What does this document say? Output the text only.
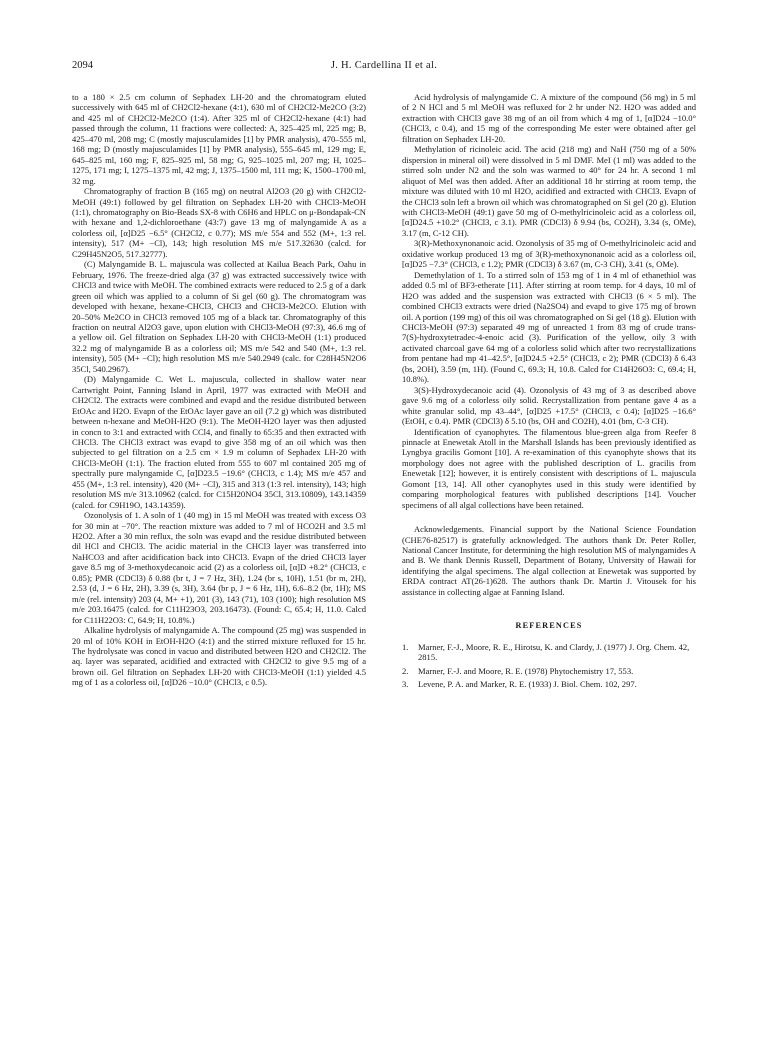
2094	J. H. Cardellina II et al.

to a 180 × 2.5 cm column of Sephadex LH-20 and the chromatogram eluted successively with 645 ml of CH2Cl2-hexane (4:1), 630 ml of CH2Cl2-Me2CO (3:2) and 425 ml of CH2Cl2-Me2CO (1:4). After 325 ml of CH2Cl2-hexane (4:1) had passed through the column, 11 fractions were collected: A, 325–425 ml, 225 mg; B, 425–470 ml, 208 mg; C (mostly majusculamides [1] by PMR analysis), 470–555 ml, 168 mg; D (mostly majusculamides [1] by PMR analysis), 555–645 ml, 129 mg; E, 645–825 ml, 160 mg; F, 825–925 ml, 58 mg; G, 925–1025 ml, 207 mg; H, 1025–1275, 171 mg; I, 1275–1375 ml, 42 mg; J, 1375–1500 ml, 111 mg; K, 1500–1700 ml, 32 mg.

Chromatography of fraction B (165 mg) on neutral Al2O3 (20 g) with CH2Cl2-MeOH (49:1) followed by gel filtration on Sephadex LH-20 with CHCl3-MeOH (1:1), chromatography on Bio-Beads SX-8 with C6H6 and HPLC on μ-Bondapak-CN with hexane and 1,2-dichloroethane (43:7) gave 13 mg of malyngamide A as a colorless oil, [α]D25 −6.5° (CH2Cl2, c 0.77); MS m/e 554 and 552 (M+, 1:3 rel. intensity), 517 (M+ −Cl), 143; high resolution MS m/e 517.32630 (calcd. for C29H45N2O5, 517.32777).

(C) Malyngamide B. L. majuscula was collected at Kailua Beach Park, Oahu in February, 1976. The freeze-dried alga (37 g) was extracted successively twice with CHCl3 and twice with MeOH. The combined extracts were reduced to 2.5 g of a dark green oil which was applied to a column of Si gel (60 g). The chromatogram was developed with hexane, hexane-CHCl3, CHCl3 and CHCl3-Me2CO. Elution with 20–50% Me2CO in CHCl3 removed 105 mg of a black tar. Chromatography of this fraction on neutral Al2O3 gave, upon elution with CHCl3-MeOH (97:3), 46.6 mg of a yellow oil. Gel filtration on Sephadex LH-20 with CHCl3-MeOH (1:1) produced 32.2 mg of malyngamide B as a colorless oil; MS m/e 542 and 540 (M+, 1:3 rel. intensity), 505 (M+ −Cl); high resolution MS m/e 540.2949 (calc. for C28H45N2O6 35Cl, 540.2967).

(D) Malyngamide C. Wet L. majuscula, collected in shallow water near Cartwright Point, Fanning Island in April, 1977 was extracted with MeOH and CH2Cl2. The extracts were combined and evapd and the residue distributed between EtOAc and H2O. Evapn of the EtOAc layer gave an oil (7.2 g) which was distributed between n-hexane and MeOH-H2O (9:1). The MeOH-H2O layer was then adjusted in concn to 3:1 and extracted with CCl4, and finally to 65:35 and then extracted with CHCl3. The CHCl3 extract was evapd to give 358 mg of an oil which was then subjected to gel filtration on a 2.5 cm × 1.9 m column of Sephadex LH-20 with CHCl3-MeOH (1:1). The fraction eluted from 555 to 607 ml contained 205 mg of spectrally pure malyngamide C, [α]D23.5 −19.6° (CHCl3, c 1.4); MS m/e 457 and 455 (M+, 1:3 rel. intensity), 420 (M+ −Cl), 315 and 313 (1:3 rel. intensity), 143; high resolution MS m/e 313.10962 (calcd. for C15H20NO4 35Cl, 313.10809), 143.14359 (calcd. for C9H19O, 143.14359).

Ozonolysis of 1. A soln of 1 (40 mg) in 15 ml MeOH was treated with excess O3 for 30 min at −70°. The reaction mixture was added to 7 ml of HCO2H and 3.5 ml H2O2. After a 30 min reflux, the soln was evapd and the residue distributed between dil HCl and CHCl3. The acidic material in the CHCl3 layer was transferred into NaHCO3 and after acidification back into CHCl3. Evapn of the dried CHCl3 layer gave 8.5 mg of 3-methoxydecanoic acid (2) as a colorless oil, [α]D +8.2° (CHCl3, c 0.85); PMR (CDCl3) δ 0.88 (br t, J = 7 Hz, 3H), 1.24 (br s, 10H), 1.51 (br m, 2H), 2.53 (d, J = 6 Hz, 2H), 3.39 (s, 3H), 3.64 (br p, J = 6 Hz, 1H), 6.6–8.2 (br, 1H); MS m/e (rel. intensity) 203 (4, M+ +1), 201 (3), 143 (71), 103 (100); high resolution MS m/e 203.16475 (calcd. for C11H23O3, 203.16473). (Found: C, 65.4; H, 11.0. Calcd for C11H22O3: C, 64.9; H, 10.8%.)

Alkaline hydrolysis of malyngamide A. The compound (25 mg) was suspended in 20 ml of 10% KOH in EtOH-H2O (4:1) and the stirred mixture refluxed for 15 hr. The hydrolysate was concd in vacuo and distributed between H2O and CH2Cl2. The aq. layer was separated, acidified and extracted with CH2Cl2 to give 9.5 mg of a brown oil. Gel filtration on Sephadex LH-20 with CHCl3-MeOH (1:1) yielded 4.5 mg of 1 as a colorless oil, [α]D26 −10.0° (CHCl3, c 0.5).

Acid hydrolysis of malyngamide C. A mixture of the compound (56 mg) in 5 ml of 2 N HCl and 5 ml MeOH was refluxed for 2 hr under N2. H2O was added and extraction with CHCl3 gave 38 mg of an oil from which 4 mg of 1, [α]D24 −10.0° (CHCl3, c 0.4), and 15 mg of the corresponding Me ester were obtained after gel filtration on Sephadex LH-20.

Methylation of ricinoleic acid. The acid (218 mg) and NaH (750 mg of a 50% dispersion in mineral oil) were dissolved in 5 ml DMF. MeI (1 ml) was added to the stirred soln under N2 and the soln was warmed to 40° for 24 hr. A second 1 ml aliquot of MeI was then added. After an additional 18 hr stirring at room temp, the mixture was diluted with 10 ml H2O, acidified and extracted with CHCl3. Evapn of the CHCl3 soln left a brown oil which was chromatographed on Si gel (20 g). Elution with CHCl3-MeOH (49:1) gave 50 mg of O-methylricinoleic acid as a colorless oil, [α]D24.5 +10.2° (CHCl3, c 3.1). PMR (CDCl3) δ 9.94 (bs, CO2H), 3.34 (s, OMe), 3.17 (m, C-12 CH).

3(R)-Methoxynonanoic acid. Ozonolysis of 35 mg of O-methylricinoleic acid and oxidative workup produced 13 mg of 3(R)-methoxynonanoic acid as a colorless oil, [α]D25 −7.3° (CHCl3, c 1.2); PMR (CDCl3) δ 3.67 (m, C-3 CH), 3.41 (s, OMe).

Demethylation of 1. To a stirred soln of 153 mg of 1 in 4 ml of ethanethiol was added 0.5 ml of BF3-etherate [11]. After stirring at room temp. for 4 days, 10 ml of H2O was added and the suspension was extracted with CHCl3 (6 × 5 ml). The combined CHCl3 extracts were dried (Na2SO4) and evapd to give 175 mg of brown oil. A portion (199 mg) of this oil was chromatographed on Si gel (18 g). Elution with CHCl3-MeOH (97:3) separated 49 mg of unreacted 1 from 83 mg of crude trans-7(S)-hydroxytetradec-4-enoic acid (3). Purification of the yellow, oily 3 with activated charcoal gave 64 mg of a colorless solid which after two recrystallizations from pentane had mp 41–42.5°, [α]D24.5 +2.5° (CHCl3, c 2); PMR (CDCl3) δ 6.43 (bs, 2OH), 3.59 (m, 1H). (Found C, 69.3; H, 10.8. Calcd for C14H26O3: C, 69.4; H, 10.8%).

3(S)-Hydroxydecanoic acid (4). Ozonolysis of 43 mg of 3 as described above gave 9.6 mg of a colorless oily solid. Recrystallization from pentane gave 4 as a white granular solid, mp 43–44°, [α]D25 +17.5° (CHCl3, c 0.4); [α]D25 −16.6° (EtOH, c 0.4). PMR (CDCl3) δ 5.10 (bs, OH and CO2H), 4.01 (bm, C-3 CH).

Identification of cyanophytes. The filamentous blue-green alga from Reefer 8 pinnacle at Enewetak Atoll in the Marshall Islands has been previously identified as Lyngbya gracilis Gomont [10]. A re-examination of this cyanophyte shows that its morphology does not agree with the published description of L. gracilis from Enewetak [12]; however, it is entirely consistent with descriptions of L. majuscula Gomont [13, 14]. All other cyanophytes used in this study were identified by comparing morphological features with published descriptions [14]. Voucher specimens of all algal collections have been retained.

Acknowledgements. Financial support by the National Science Foundation (CHE76-82517) is gratefully acknowledged. The authors thank Dr. Peter Roller, National Cancer Institute, for determining the high resolution MS of malyngamides A and B. We thank Dennis Russell, Department of Botany, University of Hawaii for identifying the algal specimens. The algal collection at Enewetak was supported by ERDA contract AT(26-1)628. The authors thank Dr. Martin J. Vitousek for his assistance in collecting algae at Fanning Island.

REFERENCES
1. Marner, F.-J., Moore, R. E., Hirotsu, K. and Clardy, J. (1977) J. Org. Chem. 42, 2815.
2. Marner, F.-J. and Moore, R. E. (1978) Phytochemistry 17, 553.
3. Levene, P. A. and Marker, R. E. (1933) J. Biol. Chem. 102, 297.
